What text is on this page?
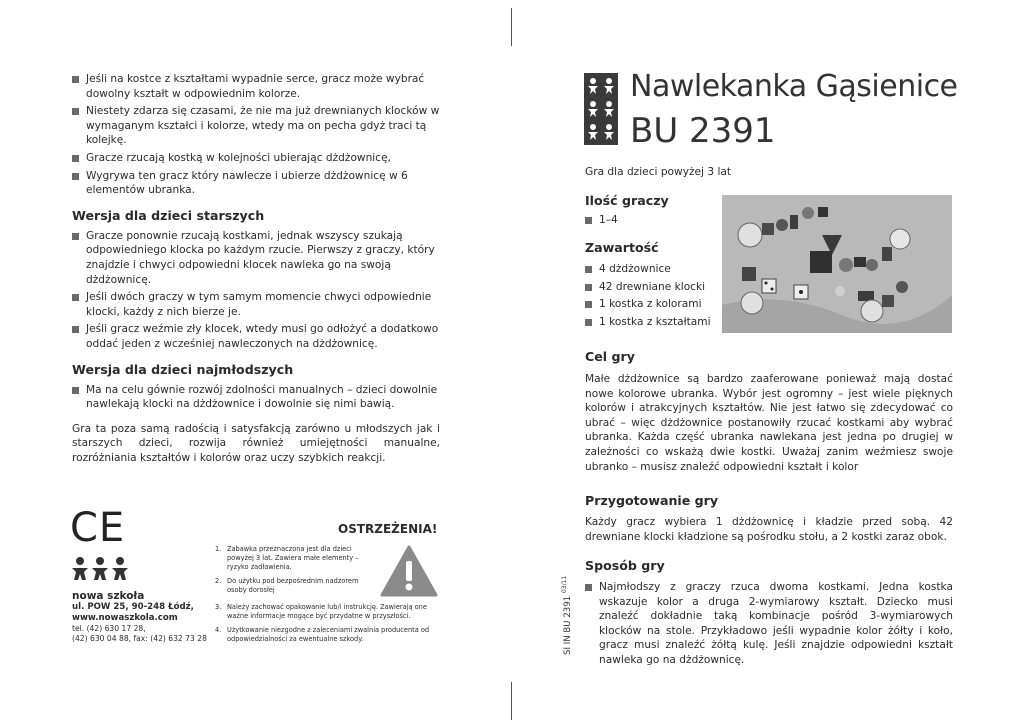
Jeśli na kostce z kształtami wypadnie serce, gracz może wybrać dowolny kształt w odpowiednim kolorze.
Niestety zdarza się czasami, że nie ma już drewnianych klocków w wymaganym kształci i kolorze, wtedy ma on pecha gdyż traci tą kolejkę.
Gracze rzucają kostką w kolejności ubierając dżdżownicę,
Wygrywa ten gracz który nawlecze i ubierze dżdżownicę w 6 elementów ubranka.
Wersja dla dzieci starszych
Gracze ponownie rzucają kostkami, jednak wszyscy szukają odpowiedniego klocka po każdym rzucie. Pierwszy z graczy, który znajdzie i chwyci odpowiedni klocek nawleka go na swoją dżdżownicę.
Jeśli dwóch graczy w tym samym momencie chwyci odpowiednie klocki, każdy z nich bierze je.
Jeśli gracz weźmie zły klocek, wtedy musi go odłożyć a dodatkowo oddać jeden z wcześniej nawleczonych na dżdżownicę.
Wersja dla dzieci najmłodszych
Ma na celu gównie rozwój zdolności manualnych – dzieci dowolnie nawlekają klocki na dżdżownice i dowolnie się nimi bawią.
Gra ta poza samą radością i satysfakcją zarówno u młodszych jak i starszych dzieci, rozwija również umiejętności manualne, rozróżniania kształtów i kolorów oraz uczy szybkich reakcji.
CE
nowa szkoła
ul. POW 25, 90-248 Łódź,
www.nowaszkola.com
tel. (42) 630 17 28,
(42) 630 04 88, fax: (42) 632 73 28
OSTRZEŻENIA!
1. Zabawka przeznaczona jest dla dzieci powyżej 3 lat. Zawiera małe elementy – ryzyko zadławienia.
2. Do użytku pod bezpośrednim nadzorem osoby dorosłej
3. Należy zachować opakowanie lub/i instrukcję. Zawierają one ważne informacje mogące być przydatne w przyszłości.
4. Użytkowanie niezgodne z zaleceniami zwalnia producenta od odpowiedzialności za ewentualne szkody.
Nawlekanka Gąsienice
BU 2391
Gra dla dzieci powyżej 3 lat
Ilość graczy
1–4
Zawartość
4 dżdżownice
42 drewniane klocki
1 kostka z kolorami
1 kostka z kształtami
Cel gry
Małe dżdżownice są bardzo zaaferowane ponieważ mają dostać nowe kolorowe ubranka. Wybór jest ogromny – jest wiele pięknych kolorów i atrakcyjnych kształtów. Nie jest łatwo się zdecydować co ubrać – więc dżdżownice postanowiły rzucać kostkami aby wybrać ubranka. Każda część ubranka nawlekana jest jedna po drugiej w zależności co wskażą dwie kostki. Uważaj zanim weźmiesz swoje ubranko – musisz znaleźć odpowiedni kształt i kolor
Przygotowanie gry
Każdy gracz wybiera 1 dżdżownicę i kładzie przed sobą. 42 drewniane klocki kładzione są pośrodku stołu, a 2 kostki zaraz obok.
Sposób gry
Najmłodszy z graczy rzuca dwoma kostkami. Jedna kostka wskazuje kolor a druga 2-wymiarowy kształt. Dziecko musi znaleźć dokładnie taką kombinacje pośród 3-wymiarowych klocków na stole. Przykładowo jeśli wypadnie kolor żółty i koło, gracz musi znaleźć żółtą kulę. Jeśli znajdzie odpowiedni kształt nawleka go na dżdżownicę.
SI IN BU 2391 $^{03/11}$
